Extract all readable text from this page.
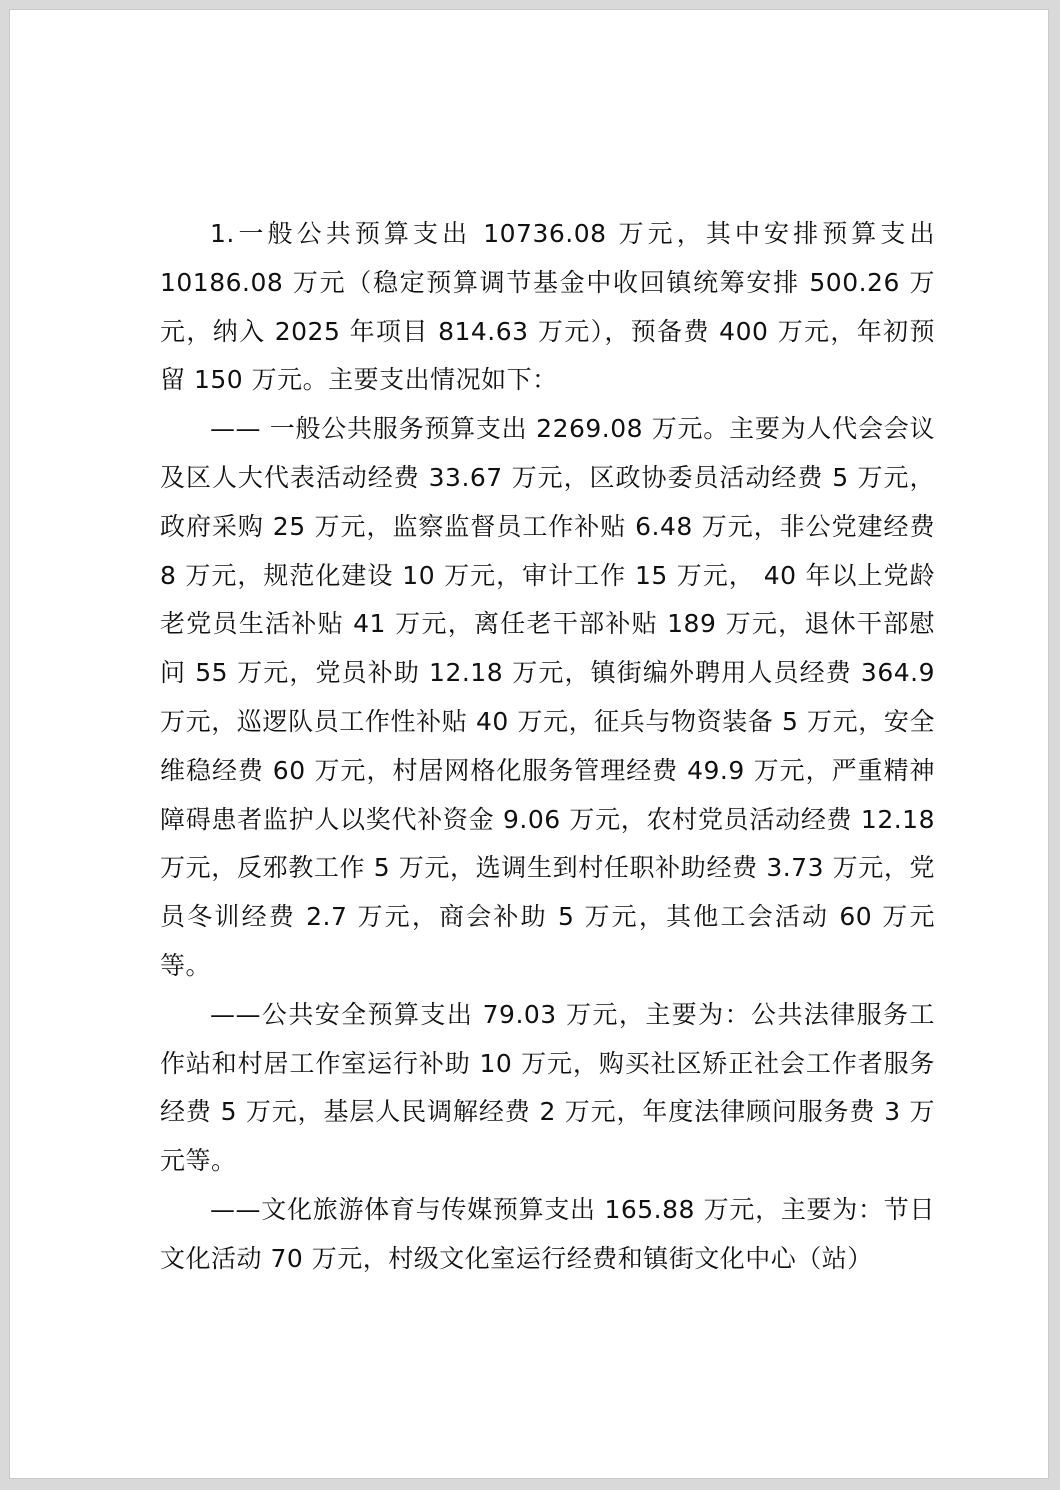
1.一般公共预算支出 10736.08 万元，其中安排预算支出 10186.08 万元（稳定预算调节基金中收回镇统筹安排 500.26 万元，纳入 2025 年项目 814.63 万元），预备费 400 万元，年初预留 150 万元。主要支出情况如下：

—— 一般公共服务预算支出 2269.08 万元。主要为人代会会议及区人大代表活动经费 33.67 万元，区政协委员活动经费 5 万元，政府采购 25 万元，监察监督员工作补贴 6.48 万元，非公党建经费 8 万元，规范化建设 10 万元，审计工作 15 万元， 40 年以上党龄老党员生活补贴 41 万元，离任老干部补贴 189 万元，退休干部慰问 55 万元，党员补助 12.18 万元，镇街编外聘用人员经费 364.9 万元，巡逻队员工作性补贴 40 万元，征兵与物资装备 5 万元，安全维稳经费 60 万元，村居网格化服务管理经费 49.9 万元，严重精神障碍患者监护人以奖代补资金 9.06 万元，农村党员活动经费 12.18 万元，反邪教工作 5 万元，选调生到村任职补助经费 3.73 万元，党员冬训经费 2.7 万元，商会补助 5 万元，其他工会活动 60 万元等。

——公共安全预算支出 79.03 万元，主要为：公共法律服务工作站和村居工作室运行补助 10 万元，购买社区矫正社会工作者服务经费 5 万元，基层人民调解经费 2 万元，年度法律顾问服务费 3 万元等。

——文化旅游体育与传媒预算支出 165.88 万元，主要为：节日文化活动 70 万元，村级文化室运行经费和镇街文化中心（站）
